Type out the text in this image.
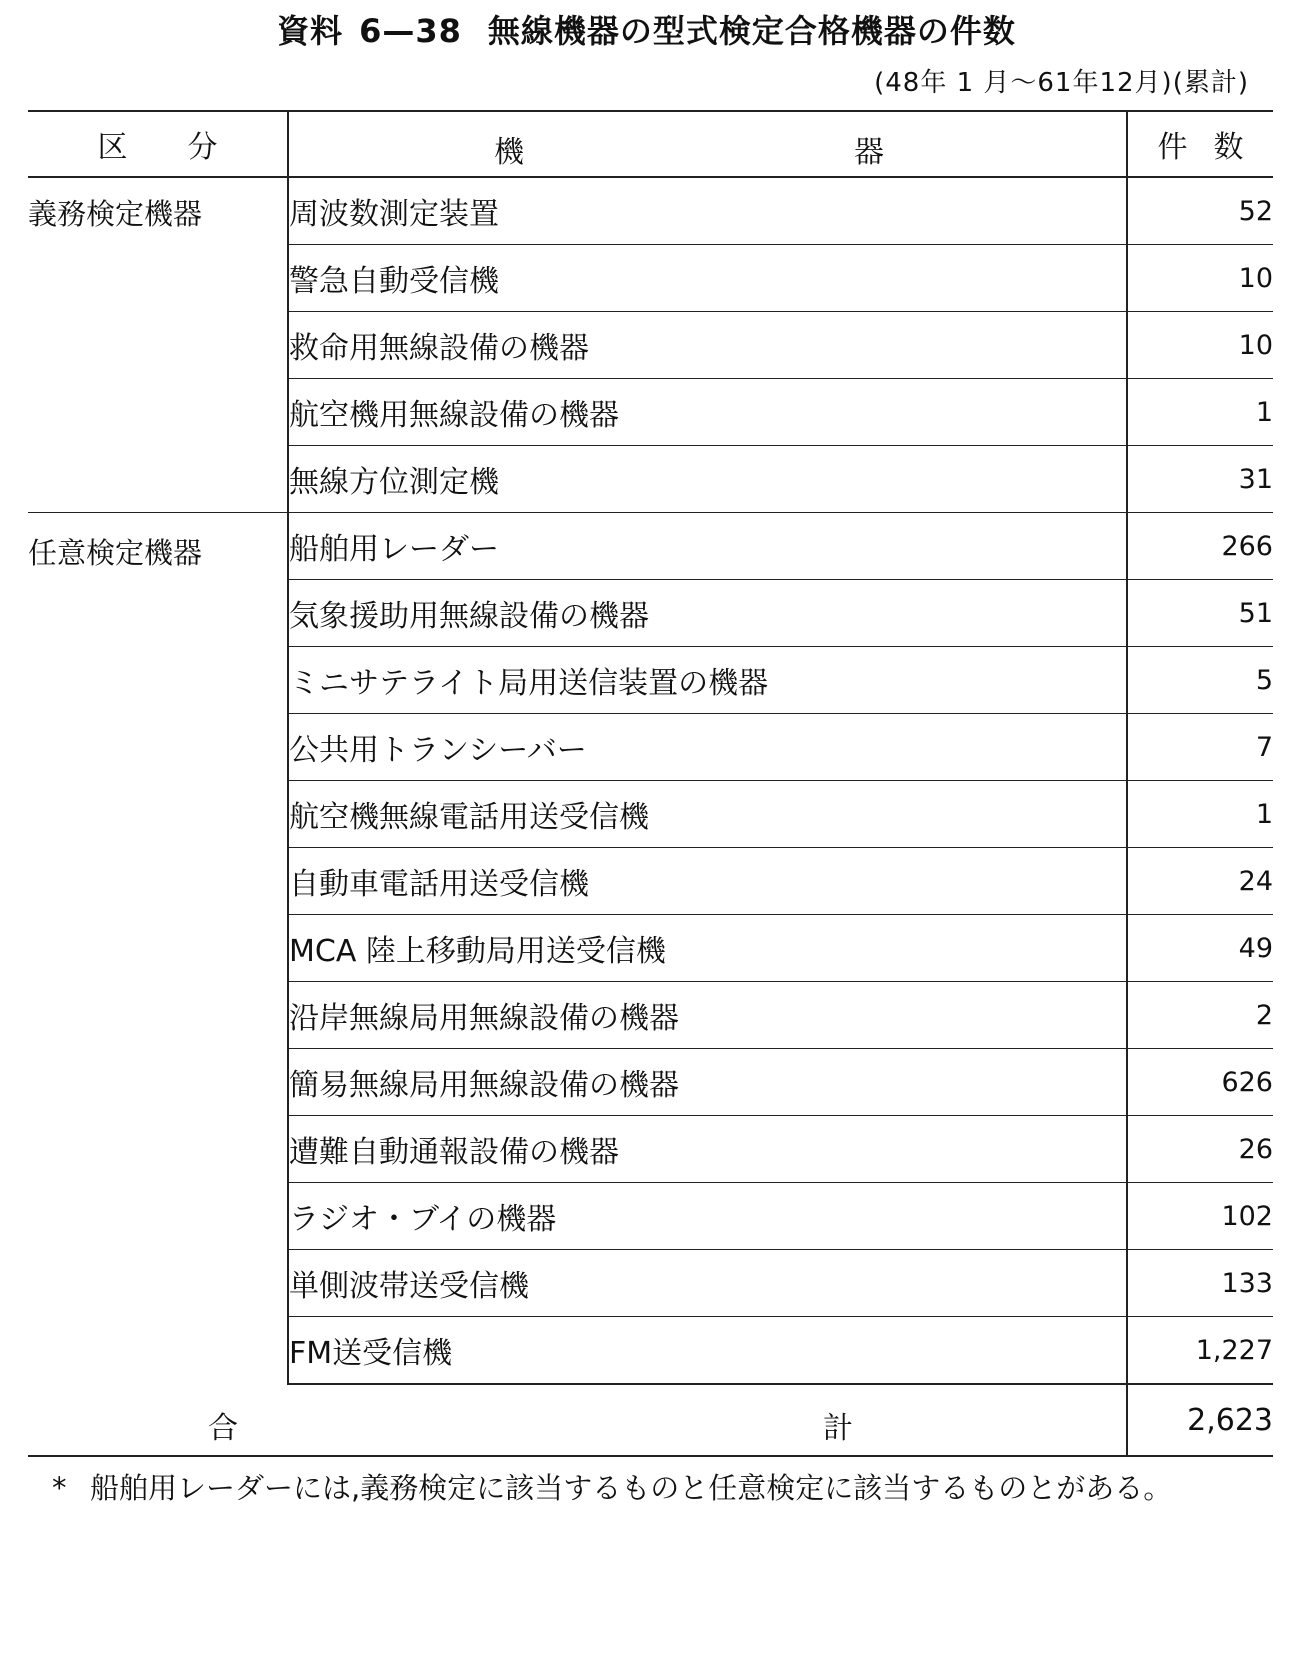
資料 6—38 無線機器の型式検定合格機器の件数
(48年 1 月〜61年12月)(累計)
区分	機 器	件数
義務検定機器	周波数測定装置	52
	警急自動受信機	10
	救命用無線設備の機器	10
	航空機用無線設備の機器	1
	無線方位測定機	31
任意検定機器	船舶用レーダー	266
	気象援助用無線設備の機器	51
	ミニサテライト局用送信装置の機器	5
	公共用トランシーバー	7
	航空機無線電話用送受信機	1
	自動車電話用送受信機	24
	MCA 陸上移動局用送受信機	49
	沿岸無線局用無線設備の機器	2
	簡易無線局用無線設備の機器	626
	遭難自動通報設備の機器	26
	ラジオ・ブイの機器	102
	単側波帯送受信機	133
	FM送受信機	1,227

合 計		2,623
* 船舶用レーダーには,義務検定に該当するものと任意検定に該当するものとがある。
